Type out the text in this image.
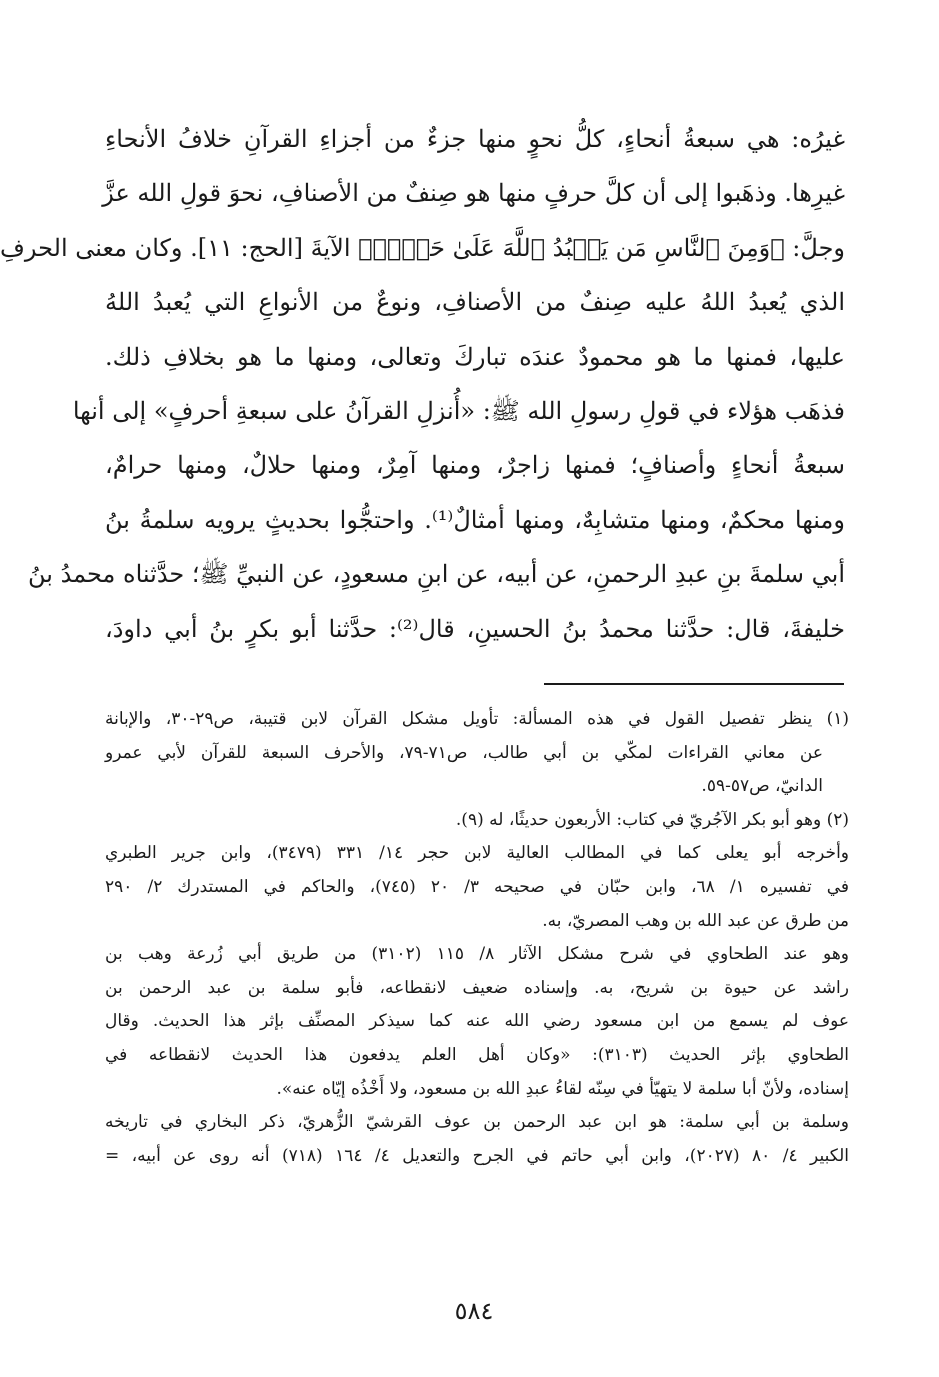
غيرُه: هي سبعةُ أنحاءٍ، كلُّ نحوٍ منها جزءٌ من أجزاءِ القرآنِ خلافُ الأنحاءِ
غيرِها. وذهَبوا إلى أن كلَّ حرفٍ منها هو صِنفٌ من الأصنافِ، نحوَ قولِ الله عزَّ
وجلَّ: ﴿وَمِنَ ٱلنَّاسِ مَن يَعۡبُدُ ٱللَّهَ عَلَىٰ حَرۡفٖ﴾ الآيةَ [الحج: ١١]. وكان معنى الحرفِ
الذي يُعبدُ اللهُ عليه صِنفٌ من الأصنافِ، ونوعٌ من الأنواعِ التي يُعبدُ اللهُ
عليها، فمنها ما هو محمودٌ عندَه تباركَ وتعالى، ومنها ما هو بخلافِ ذلك.
فذهَب هؤلاء في قولِ رسولِ الله ﷺ: «أُنزلِ القرآنُ على سبعةِ أحرفٍ» إلى أنها
سبعةُ أنحاءٍ وأصنافٍ؛ فمنها زاجرٌ، ومنها آمِرٌ، ومنها حلالٌ، ومنها حرامٌ،
ومنها محكمٌ، ومنها متشابِهٌ، ومنها أمثالٌ⁽¹⁾. واحتجُّوا بحديثٍ يرويه سلمةُ بنُ
أبي سلمةَ بنِ عبدِ الرحمنِ، عن أبيه، عن ابنِ مسعودٍ، عن النبيِّ ﷺ؛ حدَّثناه محمدُ بنُ
خليفةَ، قال: حدَّثنا محمدُ بنُ الحسينِ، قال⁽²⁾: حدَّثنا أبو بكرٍ بنُ أبي داودَ،
(١) ينظر تفصيل القول في هذه المسألة: تأويل مشكل القرآن لابن قتيبة، ص٢٩-٣٠، والإبانة
عن معاني القراءات لمكّي بن أبي طالب، ص٧١-٧٩، والأحرف السبعة للقرآن لأبي عمرو
الدانيّ، ص٥٧-٥٩.
(٢) وهو أبو بكر الآجُريّ في كتاب: الأربعون حديثًا، له (٩).
وأخرجه أبو يعلى كما في المطالب العالية لابن حجر ١٤/ ٣٣١ (٣٤٧٩)، وابن جرير الطبري
في تفسيره ١/ ٦٨، وابن حبّان في صحيحه ٣/ ٢٠ (٧٤٥)، والحاكم في المستدرك ٢/ ٢٩٠
من طرق عن عبد الله بن وهب المصريّ، به.
وهو عند الطحاوي في شرح مشكل الآثار ٨/ ١١٥ (٣١٠٢) من طريق أبي زُرعة وهب بن
راشد عن حيوة بن شريح، به. وإسناده ضعيف لانقطاعه، فأبو سلمة بن عبد الرحمن بن
عوف لم يسمع من ابن مسعود رضي الله عنه كما سيذكر المصنِّف بإثر هذا الحديث. وقال
الطحاوي بإثر الحديث (٣١٠٣): «وكان أهل العلم يدفعون هذا الحديث لانقطاعه في
إسناده، ولأنّ أبا سلمة لا يتهيّأ في سِنّه لقاءُ عبدِ الله بن مسعود، ولا أَخْذُه إيّاه عنه».
وسلمة بن أبي سلمة: هو ابن عبد الرحمن بن عوف القرشيّ الزُّهريّ، ذكر البخاري في تاريخه
الكبير ٤/ ٨٠ (٢٠٢٧)، وابن أبي حاتم في الجرح والتعديل ٤/ ١٦٤ (٧١٨) أنه روى عن أبيه، =
٥٨٤
